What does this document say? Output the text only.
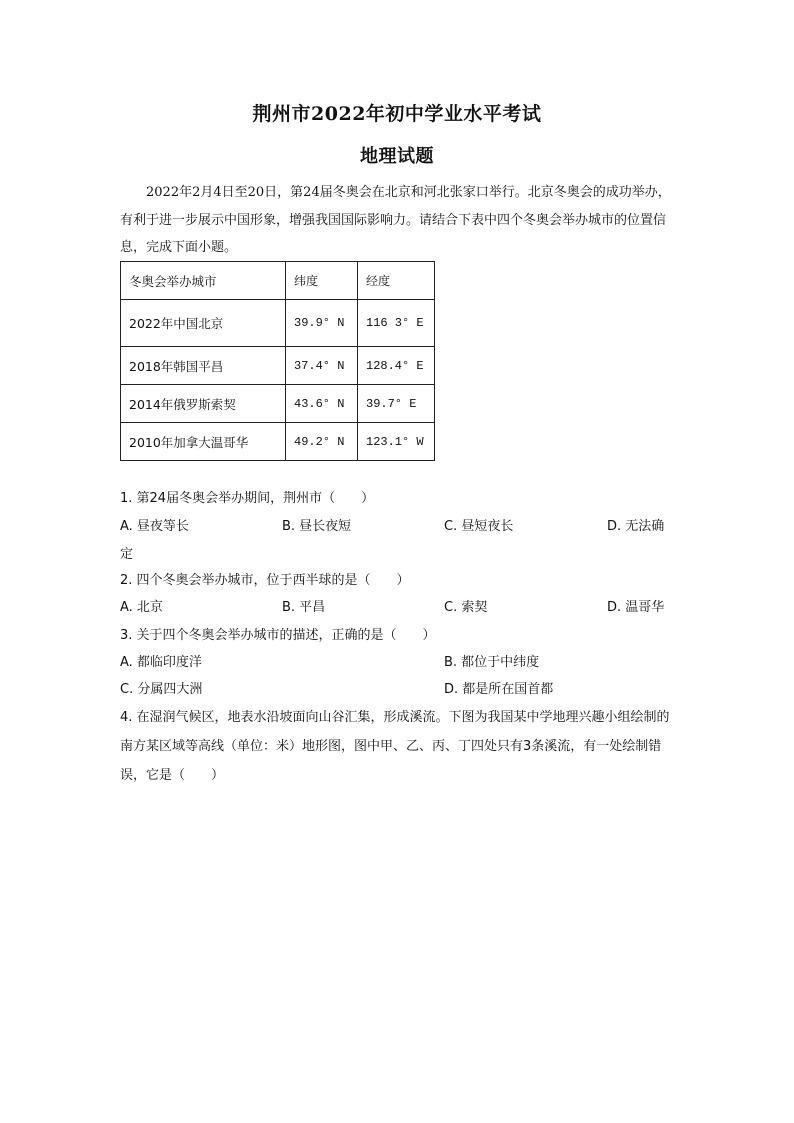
荆州市2022年初中学业水平考试
地理试题
2022年2月4日至20日，第24届冬奥会在北京和河北张家口举行。北京冬奥会的成功举办，有利于进一步展示中国形象，增强我国国际影响力。请结合下表中四个冬奥会举办城市的位置信息，完成下面小题。
冬奥会举办城市	纬度	经度
2022年中国北京	39.9° N	116 3° E
2018年韩国平昌	37.4° N	128.4° E
2014年俄罗斯索契	43.6° N	39.7° E
2010年加拿大温哥华	49.2° N	123.1° W
1. 第24届冬奥会举办期间，荆州市（　　）
A. 昼夜等长	B. 昼长夜短	C. 昼短夜长	D. 无法确
定
2. 四个冬奥会举办城市，位于西半球的是（　　）
A. 北京	B. 平昌	C. 索契	D. 温哥华
3. 关于四个冬奥会举办城市的描述，正确的是（　　）
A. 都临印度洋	B. 都位于中纬度
C. 分属四大洲	D. 都是所在国首都
4. 在湿润气候区，地表水沿坡面向山谷汇集，形成溪流。下图为我国某中学地理兴趣小组绘制的南方某区域等高线（单位：米）地形图，图中甲、乙、丙、丁四处只有3条溪流，有一处绘制错误，它是（　　）
